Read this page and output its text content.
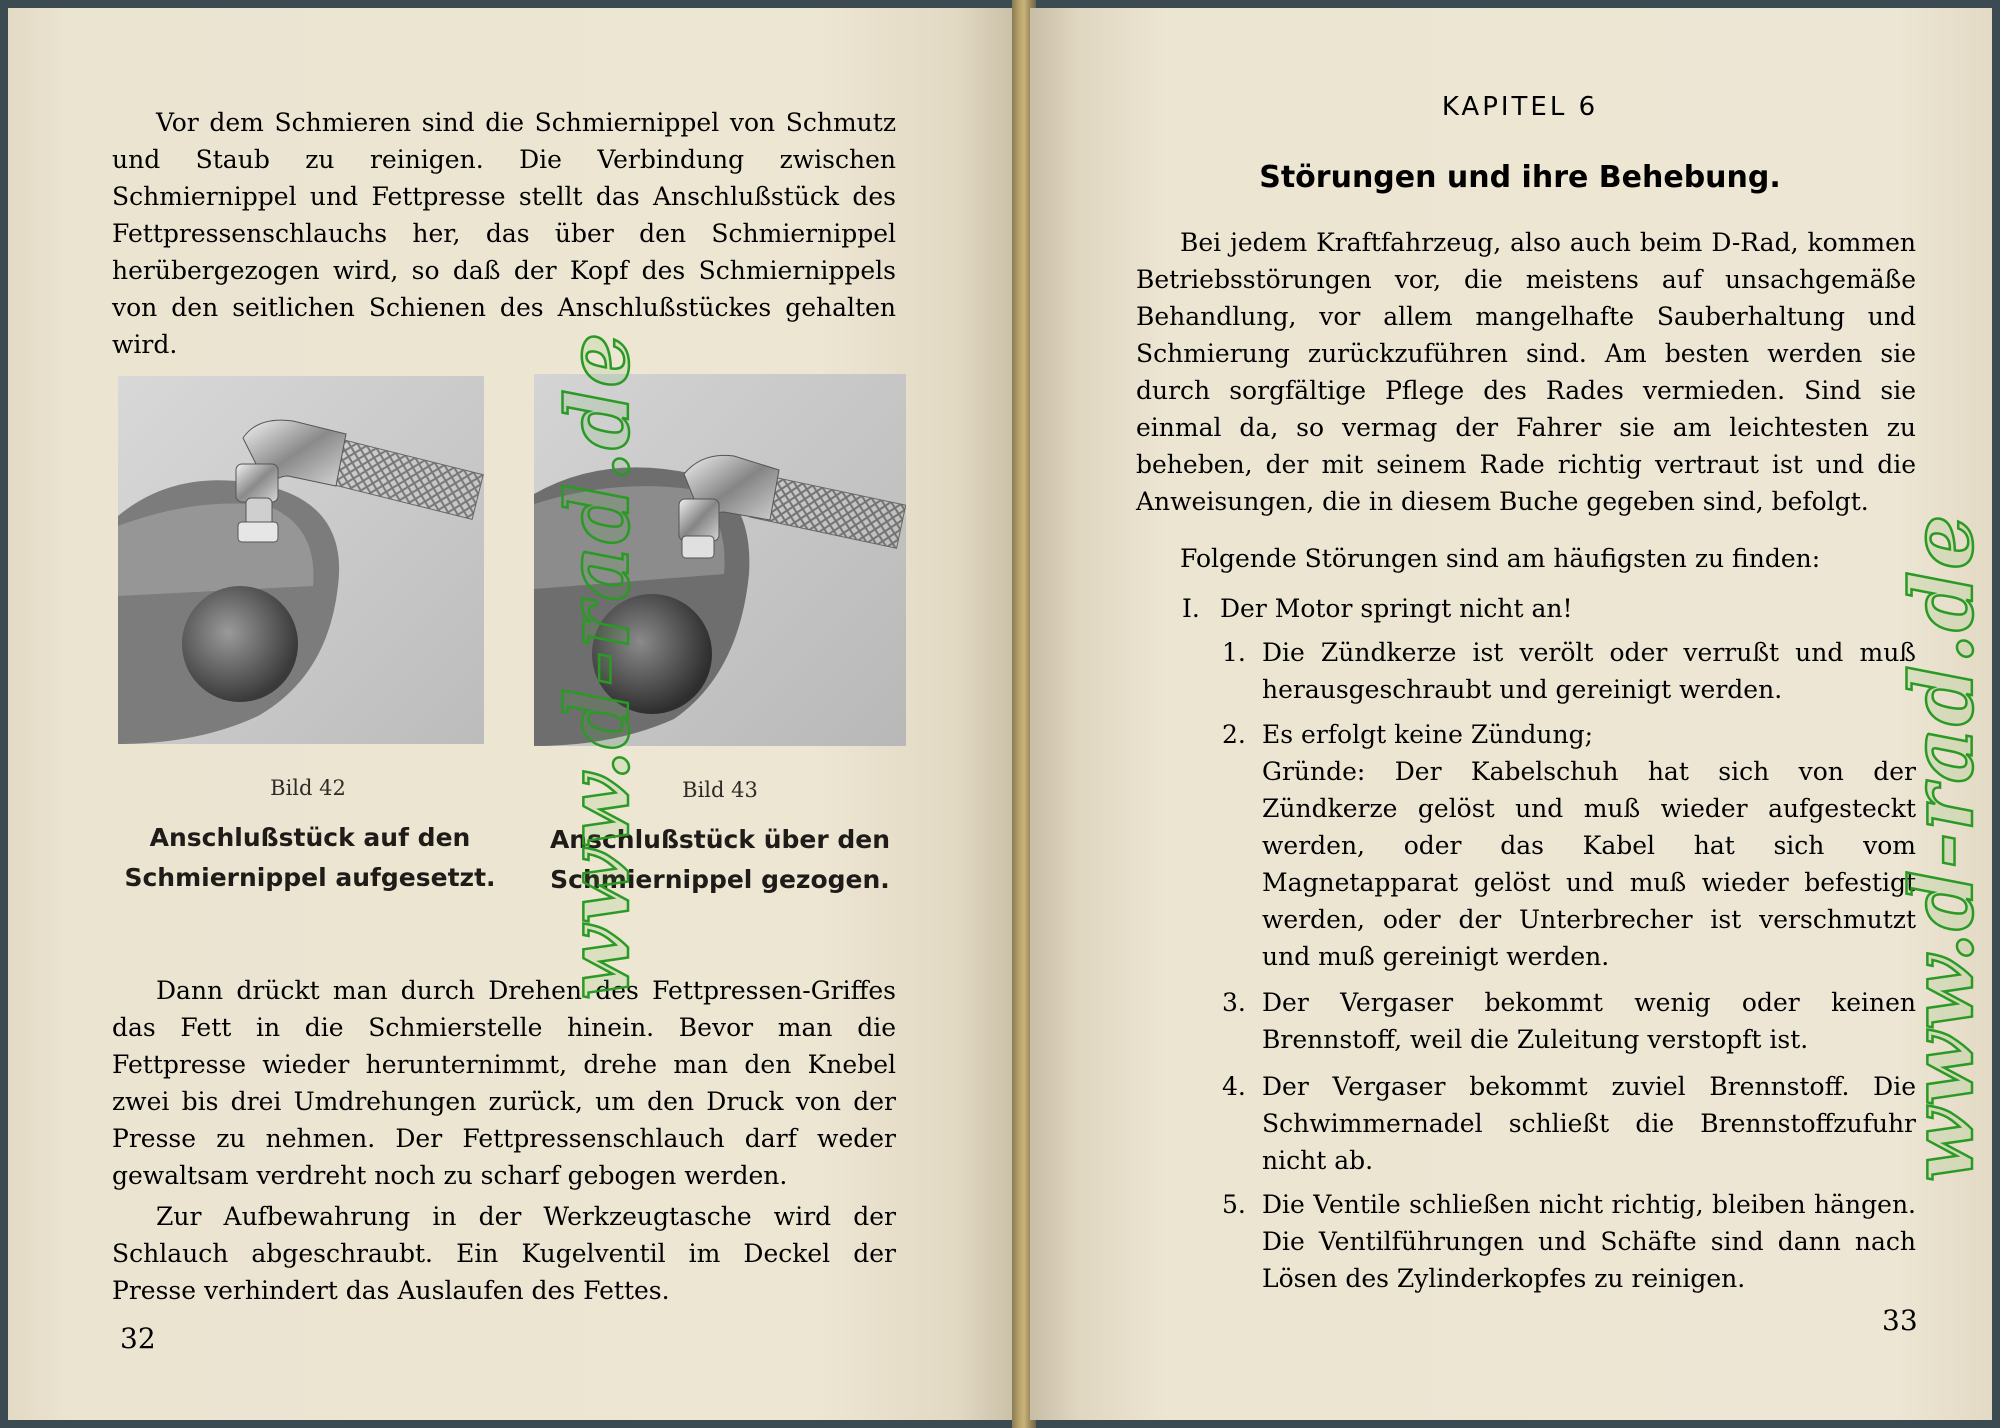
Vor dem Schmieren sind die Schmiernippel von Schmutz und Staub zu reinigen. Die Verbindung zwischen Schmiernippel und Fettpresse stellt das Anschlußstück des Fettpressenschlauchs her, das über den Schmiernippel herübergezogen wird, so daß der Kopf des Schmiernippels von den seitlichen Schienen des Anschlußstückes gehalten wird.

Bild 42

Anschlußstück auf den

Schmiernippel aufgesetzt.

Bild 43

Anschlußstück über den

Schmiernippel gezogen.

Dann drückt man durch Drehen des Fettpressen-Griffes das Fett in die Schmierstelle hinein. Bevor man die Fettpresse wieder herunternimmt, drehe man den Knebel zwei bis drei Umdrehungen zurück, um den Druck von der Presse zu nehmen. Der Fettpressenschlauch darf weder gewaltsam verdreht noch zu scharf gebogen werden.

Zur Aufbewahrung in der Werkzeugtasche wird der Schlauch abgeschraubt. Ein Kugelventil im Deckel der Presse verhindert das Auslaufen des Fettes.

32

KAPITEL 6

Störungen und ihre Behebung.

Bei jedem Kraftfahrzeug, also auch beim D-Rad, kommen Betriebsstörungen vor, die meistens auf unsachgemäße Behandlung, vor allem mangelhafte Sauberhaltung und Schmierung zurückzuführen sind. Am besten werden sie durch sorgfältige Pflege des Rades vermieden. Sind sie einmal da, so vermag der Fahrer sie am leichtesten zu beheben, der mit seinem Rade richtig vertraut ist und die Anweisungen, die in diesem Buche gegeben sind, befolgt.

Folgende Störungen sind am häufigsten zu finden:

I. Der Motor springt nicht an!

1. Die Zündkerze ist verölt oder verrußt und muß herausgeschraubt und gereinigt werden.

2. Es erfolgt keine Zündung;

Gründe: Der Kabelschuh hat sich von der Zündkerze gelöst und muß wieder aufgesteckt werden, oder das Kabel hat sich vom Magnetapparat gelöst und muß wieder befestigt werden, oder der Unterbrecher ist verschmutzt und muß gereinigt werden.

3. Der Vergaser bekommt wenig oder keinen Brennstoff, weil die Zuleitung verstopft ist.

4. Der Vergaser bekommt zuviel Brennstoff. Die Schwimmernadel schließt die Brennstoffzufuhr nicht ab.

5. Die Ventile schließen nicht richtig, bleiben hängen. Die Ventilführungen und Schäfte sind dann nach Lösen des Zylinderkopfes zu reinigen.

33

www.d-rad.de	www.d-rad.de
